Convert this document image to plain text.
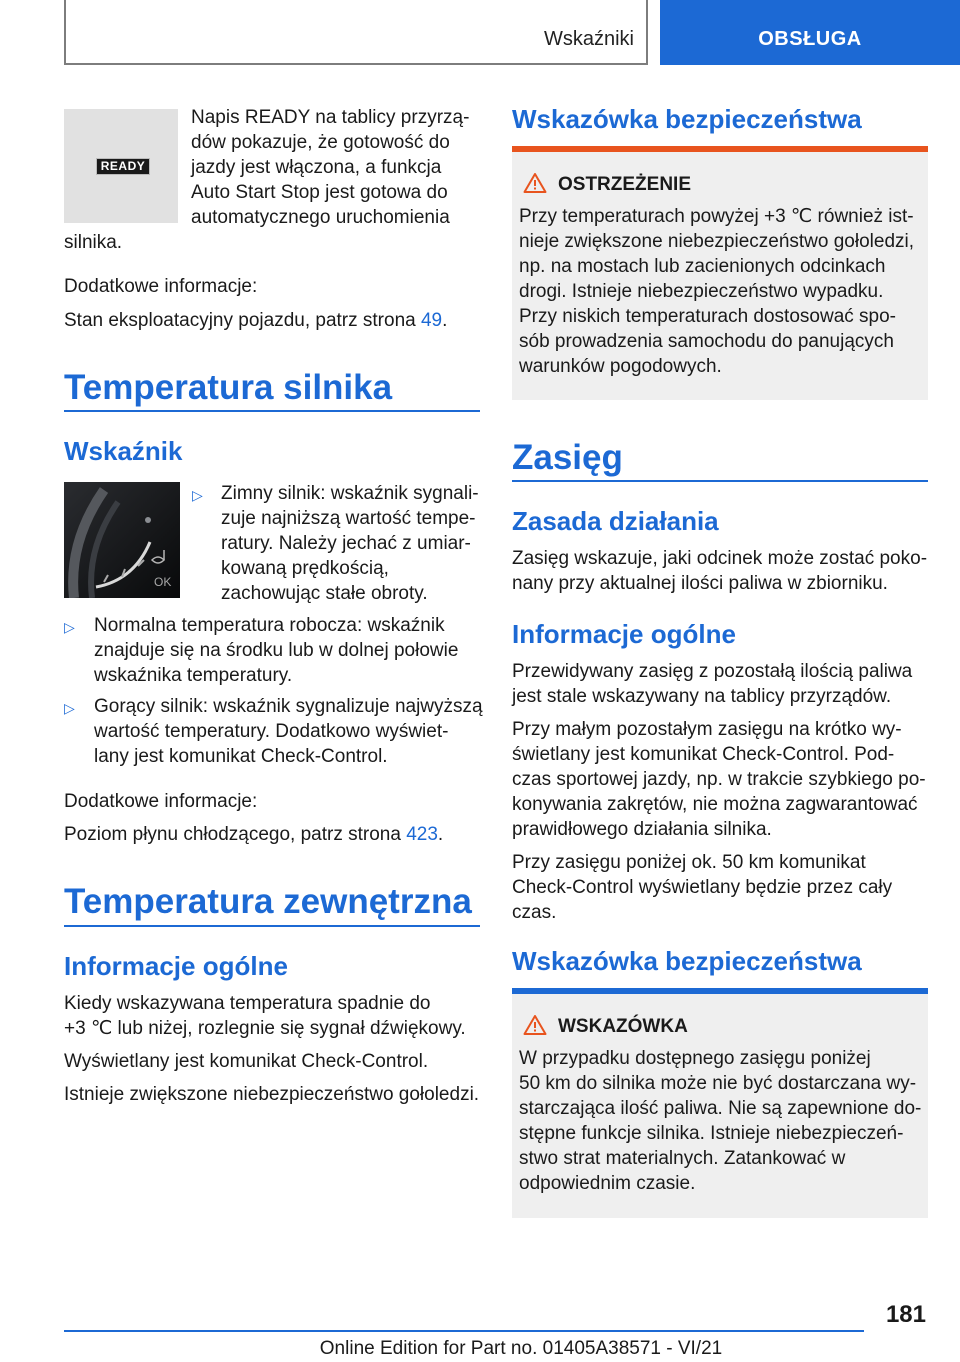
Wskaźniki	OBSŁUGA
READY
Napis READY na tablicy przyrzą-
dów pokazuje, że gotowość do
jazdy jest włączona, a funkcja
Auto Start Stop jest gotowa do
automatycznego uruchomienia
silnika.
Dodatkowe informacje:
Stan eksploatacyjny pojazdu, patrz strona 49.
Temperatura silnika
Wskaźnik
OK
▷ Zimny silnik: wskaźnik sygnali-
zuje najniższą wartość tempe-
ratury. Należy jechać z umiar-
kowaną prędkością,
zachowując stałe obroty.
▷ Normalna temperatura robocza: wskaźnik
znajduje się na środku lub w dolnej połowie
wskaźnika temperatury.
▷ Gorący silnik: wskaźnik sygnalizuje najwyższą
wartość temperatury. Dodatkowo wyświet-
lany jest komunikat Check-Control.
Dodatkowe informacje:
Poziom płynu chłodzącego, patrz strona 423.
Temperatura zewnętrzna
Informacje ogólne
Kiedy wskazywana temperatura spadnie do
+3 ℃ lub niżej, rozlegnie się sygnał dźwiękowy.
Wyświetlany jest komunikat Check-Control.
Istnieje zwiększone niebezpieczeństwo gołoledzi.
Wskazówka bezpieczeństwa
OSTRZEŻENIE
Przy temperaturach powyżej +3 ℃ również ist-
nieje zwiększone niebezpieczeństwo gołoledzi,
np. na mostach lub zacienionych odcinkach
drogi. Istnieje niebezpieczeństwo wypadku.
Przy niskich temperaturach dostosować spo-
sób prowadzenia samochodu do panujących
warunków pogodowych.
Zasięg
Zasada działania
Zasięg wskazuje, jaki odcinek może zostać poko-
nany przy aktualnej ilości paliwa w zbiorniku.
Informacje ogólne
Przewidywany zasięg z pozostałą ilością paliwa
jest stale wskazywany na tablicy przyrządów.
Przy małym pozostałym zasięgu na krótko wy-
świetlany jest komunikat Check-Control. Pod-
czas sportowej jazdy, np. w trakcie szybkiego po-
konywania zakrętów, nie można zagwarantować
prawidłowego działania silnika.
Przy zasięgu poniżej ok. 50 km komunikat
Check-Control wyświetlany będzie przez cały
czas.
Wskazówka bezpieczeństwa
WSKAZÓWKA
W przypadku dostępnego zasięgu poniżej
50 km do silnika może nie być dostarczana wy-
starczająca ilość paliwa. Nie są zapewnione do-
stępne funkcje silnika. Istnieje niebezpieczeń-
stwo strat materialnych. Zatankować w
odpowiednim czasie.
181
Online Edition for Part no. 01405A38571 - VI/21
